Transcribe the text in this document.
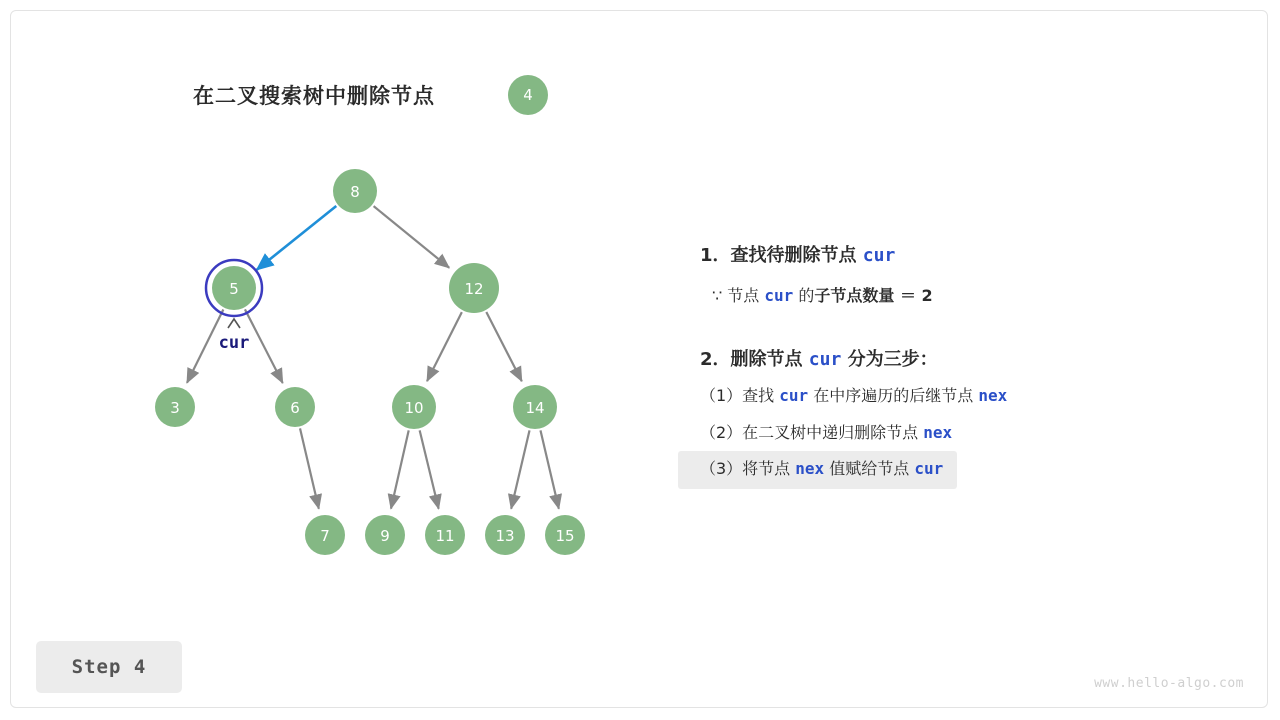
在二叉搜索树中删除节点	4
8
5	12
3	6	10	14
7	9	11	13	15
cur
1．查找待删除节点 cur
∵ 节点 cur 的子节点数量 ＝ 2
2．删除节点 cur 分为三步：
（1）查找 cur 在中序遍历的后继节点 nex
（2）在二叉树中递归删除节点 nex
（3）将节点 nex 值赋给节点 cur
Step 4
www.hello-algo.com
